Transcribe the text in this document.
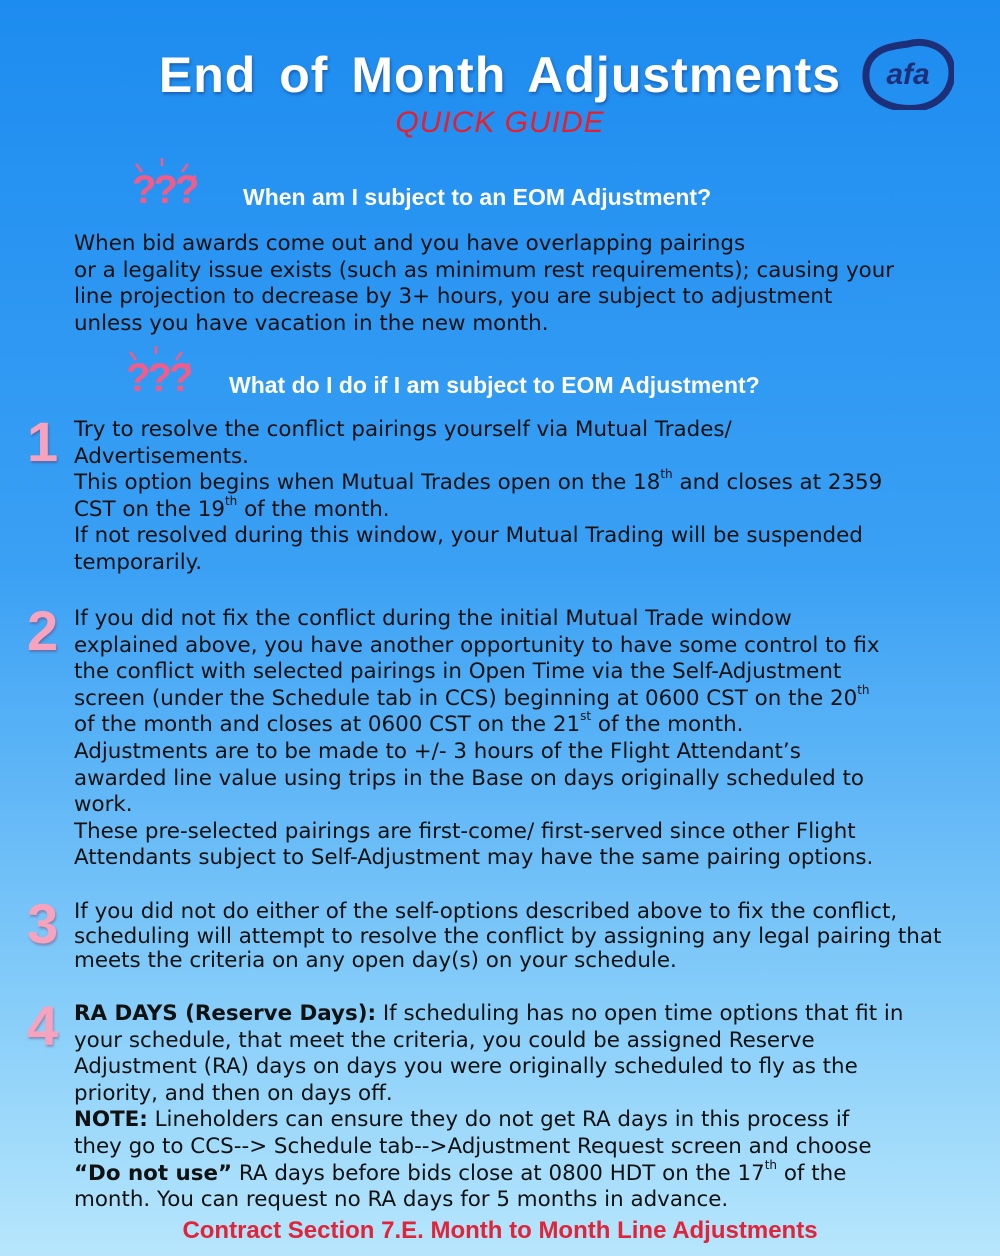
End of Month Adjustments
QUICK GUIDE
afa
??? When am I subject to an EOM Adjustment?

When bid awards come out and you have overlapping pairings

or a legality issue exists (such as minimum rest requirements); causing your

line projection to decrease by 3+ hours, you are subject to adjustment

unless you have vacation in the new month.

??? What do I do if I am subject to EOM Adjustment?
1 Try to resolve the conflict pairings yourself via Mutual Trades/

Advertisements.

This option begins when Mutual Trades open on the 18th and closes at 2359

CST on the 19th of the month.

If not resolved during this window, your Mutual Trading will be suspended

temporarily.

2 If you did not fix the conflict during the initial Mutual Trade window

explained above, you have another opportunity to have some control to fix

the conflict with selected pairings in Open Time via the Self-Adjustment

screen (under the Schedule tab in CCS) beginning at 0600 CST on the 20th

of the month and closes at 0600 CST on the 21st of the month.

Adjustments are to be made to +/- 3 hours of the Flight Attendant’s

awarded line value using trips in the Base on days originally scheduled to

work.

These pre-selected pairings are first-come/ first-served since other Flight

Attendants subject to Self-Adjustment may have the same pairing options.

3 If you did not do either of the self-options described above to fix the conflict,

scheduling will attempt to resolve the conflict by assigning any legal pairing that

meets the criteria on any open day(s) on your schedule.

4 RA DAYS (Reserve Days): If scheduling has no open time options that fit in

your schedule, that meet the criteria, you could be assigned Reserve

Adjustment (RA) days on days you were originally scheduled to fly as the

priority, and then on days off.

NOTE: Lineholders can ensure they do not get RA days in this process if

they go to CCS--> Schedule tab-->Adjustment Request screen and choose

“Do not use” RA days before bids close at 0800 HDT on the 17th of the

month. You can request no RA days for 5 months in advance.

Contract Section 7.E. Month to Month Line Adjustments
